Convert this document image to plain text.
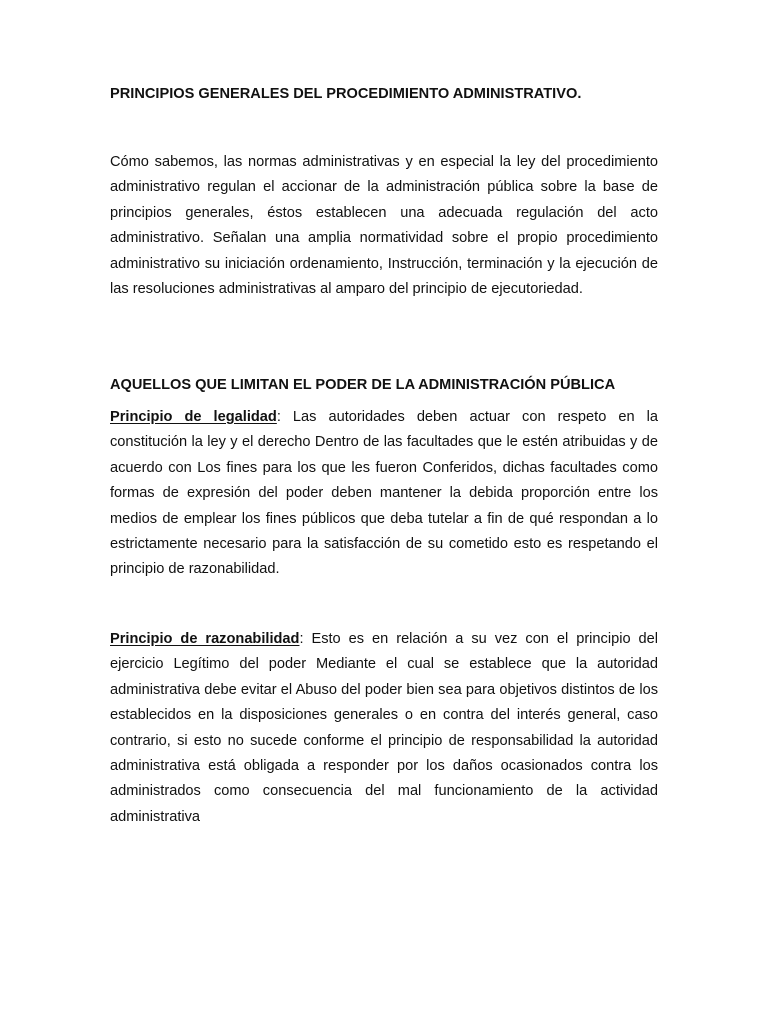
PRINCIPIOS GENERALES DEL PROCEDIMIENTO ADMINISTRATIVO.

Cómo sabemos, las normas administrativas y en especial la ley del procedimiento administrativo regulan el accionar de la administración pública sobre la base de principios generales, éstos establecen una adecuada regulación del acto administrativo. Señalan una amplia normatividad sobre el propio procedimiento administrativo su iniciación ordenamiento, Instrucción, terminación y la ejecución de las resoluciones administrativas al amparo del principio de ejecutoriedad.

AQUELLOS QUE LIMITAN EL PODER DE LA ADMINISTRACIÓN PÚBLICA

Principio de legalidad: Las autoridades deben actuar con respeto en la constitución la ley y el derecho Dentro de las facultades que le estén atribuidas y de acuerdo con Los fines para los que les fueron Conferidos, dichas facultades como formas de expresión del poder deben mantener la debida proporción entre los medios de emplear los fines públicos que deba tutelar a fin de qué respondan a lo estrictamente necesario para la satisfacción de su cometido esto es respetando el principio de razonabilidad.

Principio de razonabilidad: Esto es en relación a su vez con el principio del ejercicio Legítimo del poder Mediante el cual se establece que la autoridad administrativa debe evitar el Abuso del poder bien sea para objetivos distintos de los establecidos en la disposiciones generales o en contra del interés general, caso contrario, si esto no sucede conforme el principio de responsabilidad la autoridad administrativa está obligada a responder por los daños ocasionados contra los administrados como consecuencia del mal funcionamiento de la actividad administrativa
